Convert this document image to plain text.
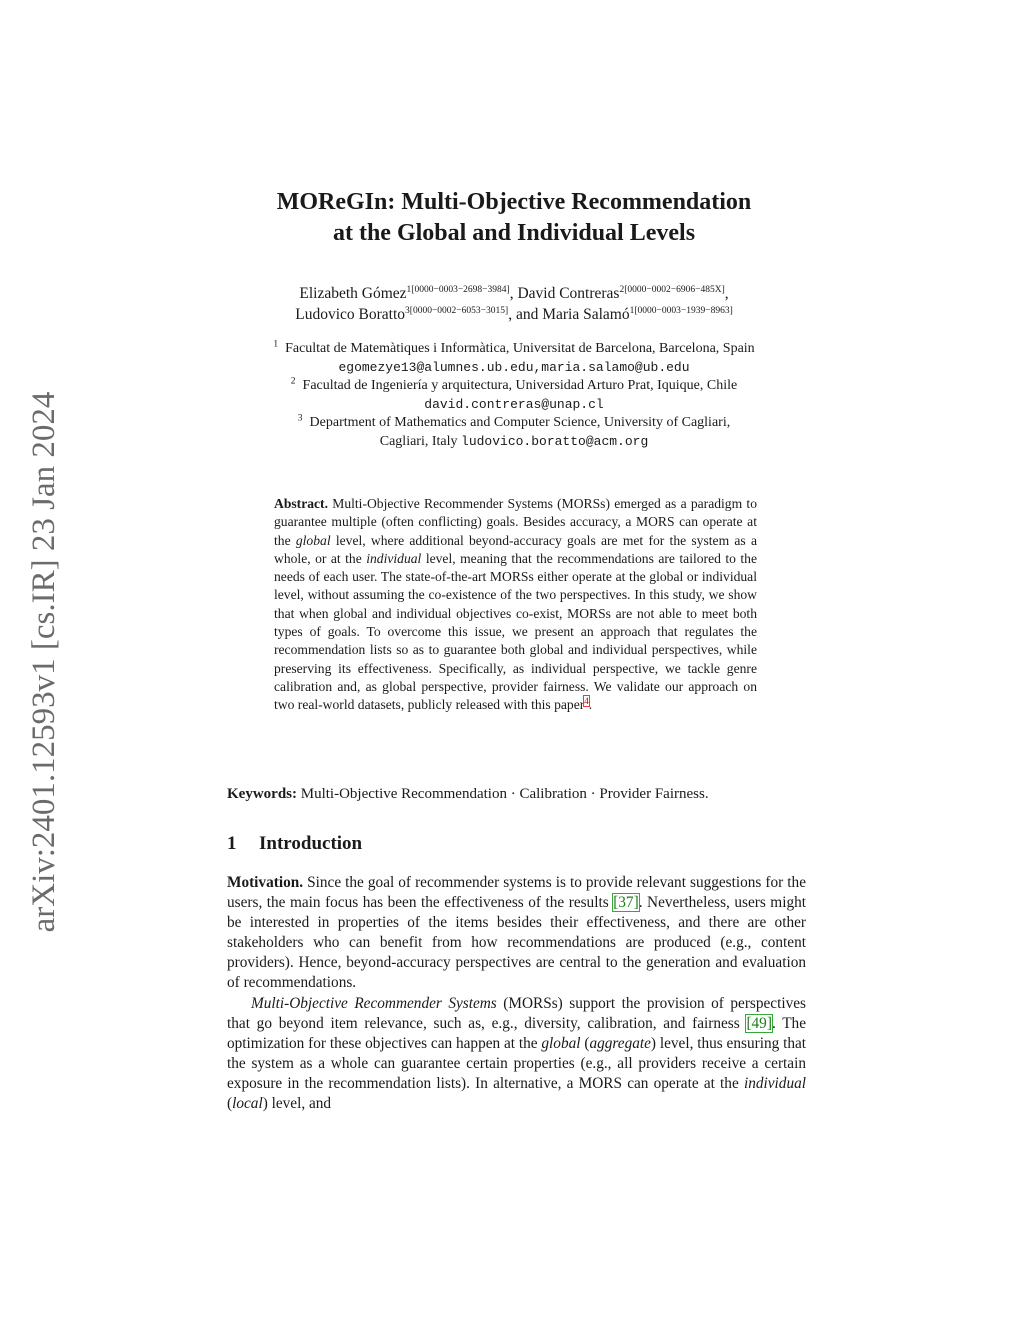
arXiv:2401.12593v1 [cs.IR] 23 Jan 2024
MOReGIn: Multi-Objective Recommendation
at the Global and Individual Levels
Elizabeth Gómez$^{1[0000-0003-2698-3984]}$, David Contreras$^{2[0000-0002-6906-485X]}$,
Ludovico Boratto$^{3[0000-0002-6053-3015]}$, and Maria Salamó$^{1[0000-0003-1939-8963]}$
$^1$ Facultat de Matemàtiques i Informàtica, Universitat de Barcelona, Barcelona, Spain
egomezye13@alumnes.ub.edu,maria.salamo@ub.edu
$^2$ Facultad de Ingeniería y arquitectura, Universidad Arturo Prat, Iquique, Chile
david.contreras@unap.cl
$^3$ Department of Mathematics and Computer Science, University of Cagliari,
Cagliari, Italy ludovico.boratto@acm.org
Abstract. Multi-Objective Recommender Systems (MORSs) emerged as a paradigm to guarantee multiple (often conflicting) goals. Besides accuracy, a MORS can operate at the global level, where additional beyond-accuracy goals are met for the system as a whole, or at the individual level, meaning that the recommendations are tailored to the needs of each user. The state-of-the-art MORSs either operate at the global or individual level, without assuming the co-existence of the two perspectives. In this study, we show that when global and individual objectives co-exist, MORSs are not able to meet both types of goals. To overcome this issue, we present an approach that regulates the recommendation lists so as to guarantee both global and individual perspectives, while preserving its effectiveness. Specifically, as individual perspective, we tackle genre calibration and, as global perspective, provider fairness. We validate our approach on two real-world datasets, publicly released with this paper$^4$.
Keywords: Multi-Objective Recommendation · Calibration · Provider Fairness.
1 Introduction

Motivation. Since the goal of recommender systems is to provide relevant suggestions for the users, the main focus has been the effectiveness of the results [37]. Nevertheless, users might be interested in properties of the items besides their effectiveness, and there are other stakeholders who can benefit from how recommendations are produced (e.g., content providers). Hence, beyond-accuracy perspectives are central to the generation and evaluation of recommendations.

Multi-Objective Recommender Systems (MORSs) support the provision of perspectives that go beyond item relevance, such as, e.g., diversity, calibration, and fairness [49]. The optimization for these objectives can happen at the global (aggregate) level, thus ensuring that the system as a whole can guarantee certain properties (e.g., all providers receive a certain exposure in the recommendation lists). In alternative, a MORS can operate at the individual (local) level, and
